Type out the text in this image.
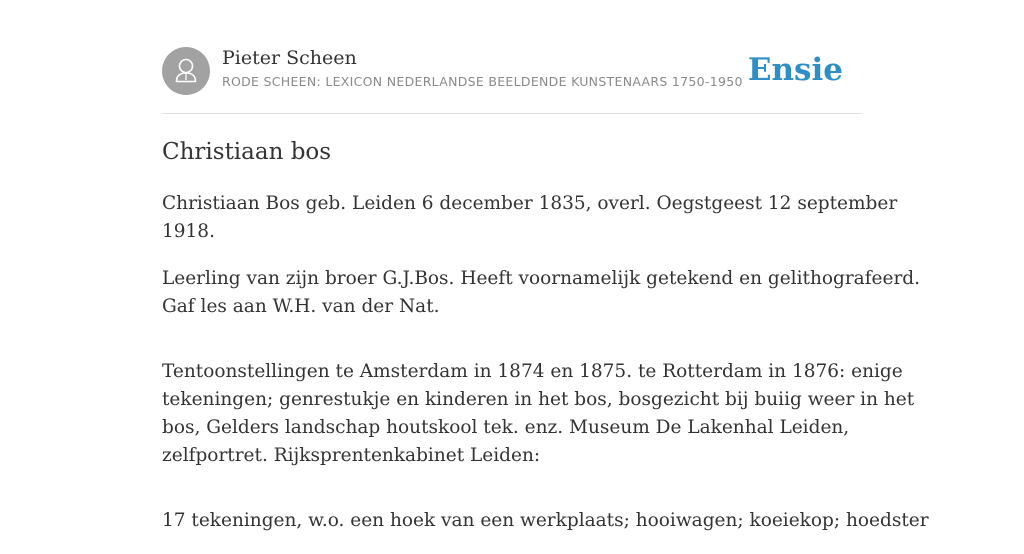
Pieter Scheen
RODE SCHEEN: LEXICON NEDERLANDSE BEELDENDE KUNSTENAARS 1750-1950 Ensie
Christiaan bos

Christiaan Bos geb. Leiden 6 december 1835, overl. Oegstgeest 12 september
1918.

Leerling van zijn broer G.J.Bos. Heeft voornamelijk getekend en gelithografeerd.
Gaf les aan W.H. van der Nat.

Tentoonstellingen te Amsterdam in 1874 en 1875. te Rotterdam in 1876: enige
tekeningen; genrestukje en kinderen in het bos, bosgezicht bij buiig weer in het
bos, Gelders landschap houtskool tek. enz. Museum De Lakenhal Leiden,
zelfportret. Rijksprentenkabinet Leiden:

17 tekeningen, w.o. een hoek van een werkplaats; hooiwagen; koeiekop; hoedster
